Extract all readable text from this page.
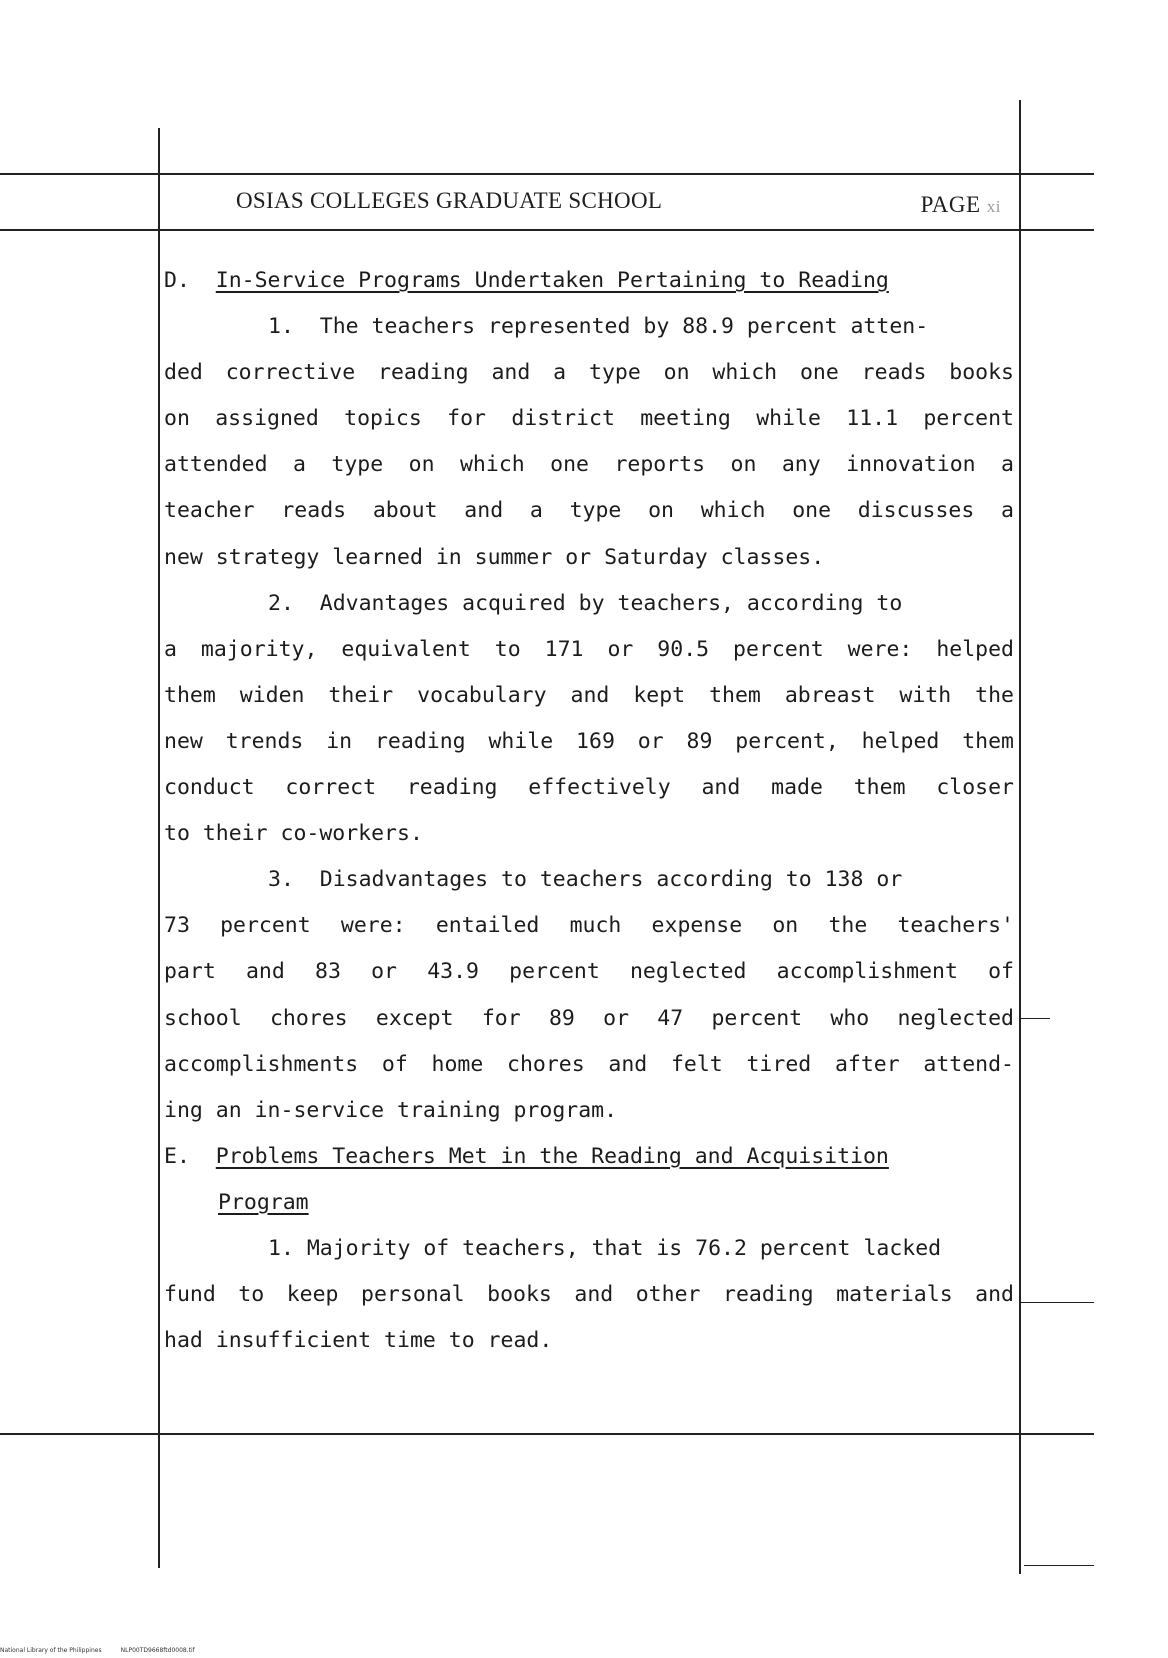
OSIAS COLLEGES GRADUATE SCHOOL	PAGE xi
D. In-Service Programs Undertaken Pertaining to Reading
1. The teachers represented by 88.9 percent atten-
ded corrective reading and a type on which one reads books
on assigned topics for district meeting while 11.1 percent
attended a type on which one reports on any innovation a
teacher reads about and a type on which one discusses a
new strategy learned in summer or Saturday classes.
2. Advantages acquired by teachers, according to
a majority, equivalent to 171 or 90.5 percent were: helped
them widen their vocabulary and kept them abreast with the
new trends in reading while 169 or 89 percent, helped them
conduct correct reading effectively and made them closer
to their co-workers.
3. Disadvantages to teachers according to 138 or
73 percent were: entailed much expense on the teachers'
part and 83 or 43.9 percent neglected accomplishment of
school chores except for 89 or 47 percent who neglected
accomplishments of home chores and felt tired after attend-
ing an in-service training program.
E. Problems Teachers Met in the Reading and Acquisition
Program
1. Majority of teachers, that is 76.2 percent lacked
fund to keep personal books and other reading materials and
had insufficient time to read.
National Library of the Philippines	NLP00TD9668ftd0008.tif
